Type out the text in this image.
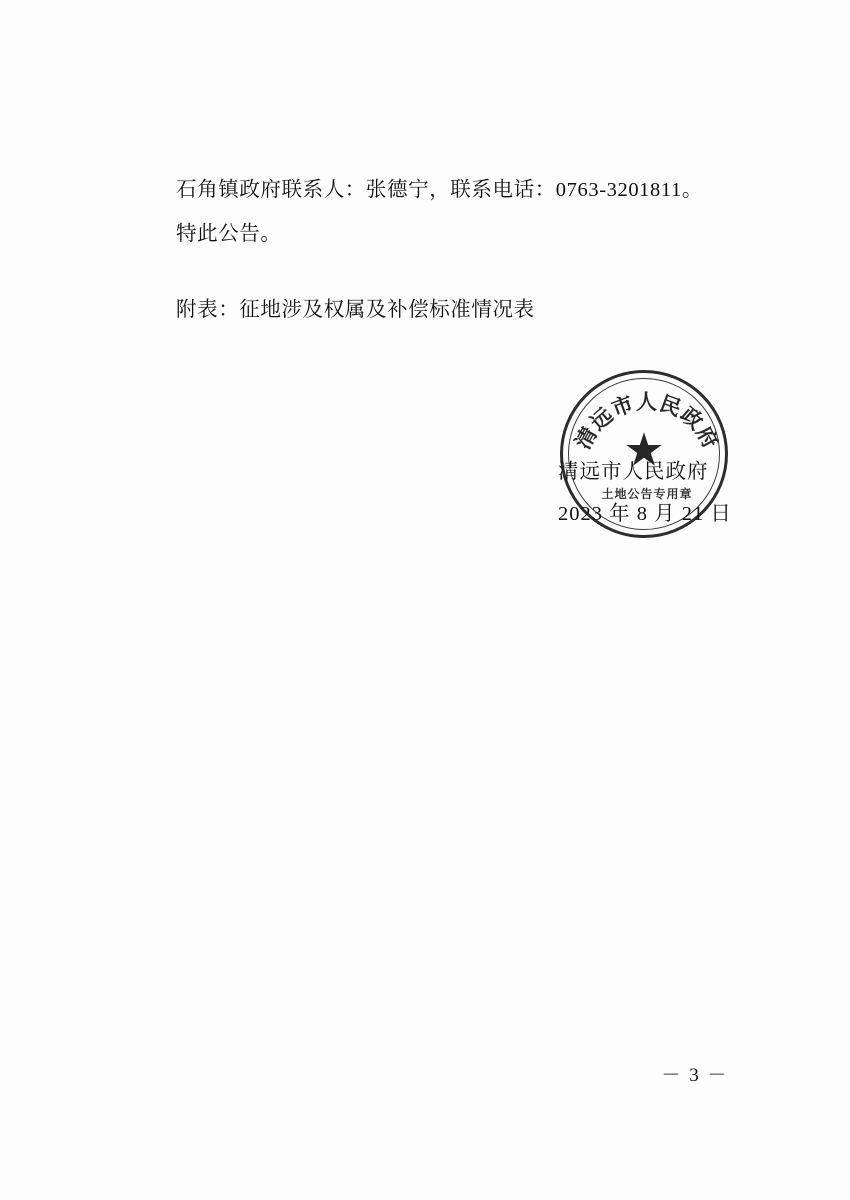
石角镇政府联系人：张德宁，联系电话：0763-3201811。
特此公告。
附表：征地涉及权属及补偿标准情况表
清远市人民政府
★
土地公告专用章
清远市人民政府
2023 年 8 月 21 日
－ 3 －
